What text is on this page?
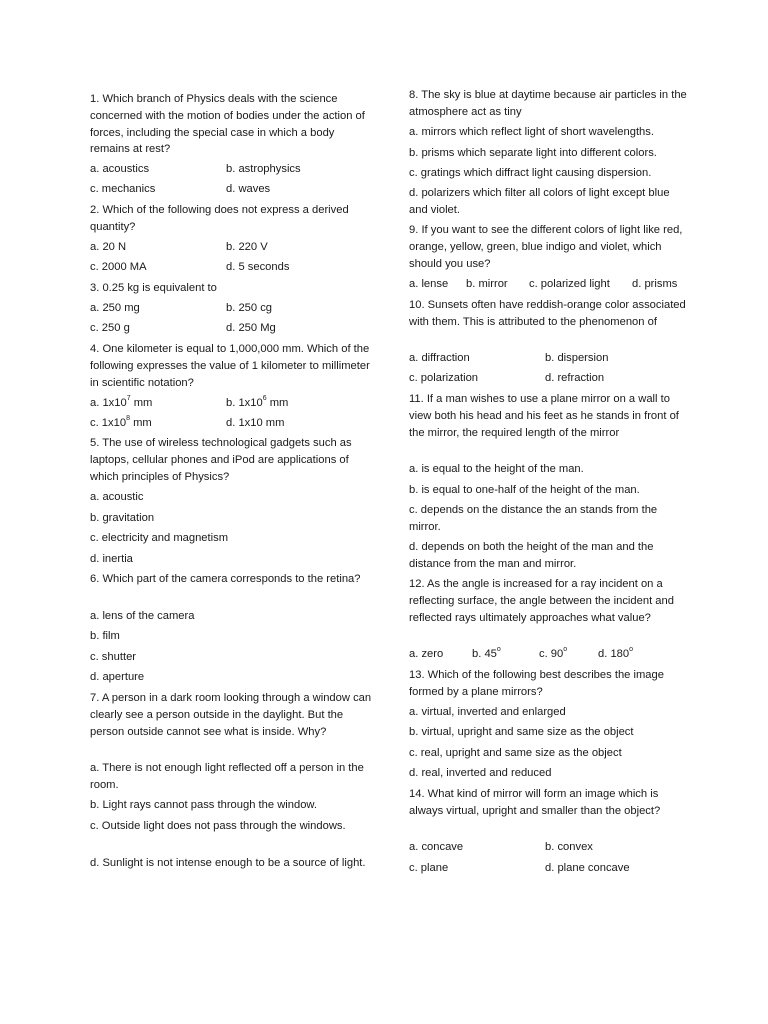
1. Which branch of Physics deals with the science concerned with the motion of bodies under the action of forces, including the special case in which a body remains at rest?

a. acoustics	b. astrophysics
c. mechanics	d. waves

2. Which of the following does not express a derived quantity?

a. 20 N	b. 220 V
c. 2000 MA	d. 5 seconds

3. 0.25 kg is equivalent to

a. 250 mg	b. 250 cg
c. 250 g	d. 250 Mg

4. One kilometer is equal to 1,000,000 mm. Which of the following expresses the value of 1 kilometer to millimeter in scientific notation?

a. $1x10^7$ mm	b. $1x10^6$ mm
c. $1x10^8$ mm	d. 1x10 mm

5. The use of wireless technological gadgets such as laptops, cellular phones and iPod are applications of which principles of Physics?

a. acoustic

b. gravitation

c. electricity and magnetism

d. inertia

6. Which part of the camera corresponds to the retina?

a. lens of the camera

b. film

c. shutter

d. aperture

7. A person in a dark room looking through a window can clearly see a person outside in the daylight. But the person outside cannot see what is inside. Why?

a. There is not enough light reflected off a person in the room.

b. Light rays cannot pass through the window.

c. Outside light does not pass through the windows.

d. Sunlight is not intense enough to be a source of light.

8. The sky is blue at daytime because air particles in the atmosphere act as tiny

a. mirrors which reflect light of short wavelengths.

b. prisms which separate light into different colors.

c. gratings which diffract light causing dispersion.

d. polarizers which filter all colors of light except blue and violet.

9. If you want to see the different colors of light like red, orange, yellow, green, blue indigo and violet, which should you use?

a. lense	b. mirror	c. polarized light	d. prisms

10. Sunsets often have reddish-orange color associated with them. This is attributed to the phenomenon of

a. diffraction	b. dispersion
c. polarization	d. refraction

11. If a man wishes to use a plane mirror on a wall to view both his head and his feet as he stands in front of the mirror, the required length of the mirror

a. is equal to the height of the man.

b. is equal to one-half of the height of the man.

c. depends on the distance the an stands from the mirror.

d. depends on both the height of the man and the distance from the man and mirror.

12. As the angle is increased for a ray incident on a reflecting surface, the angle between the incident and reflected rays ultimately approaches what value?

a. zero	b. 45$^o$	c. 90$^o$	d. 180$^o$

13. Which of the following best describes the image formed by a plane mirrors?

a. virtual, inverted and enlarged

b. virtual, upright and same size as the object

c. real, upright and same size as the object

d. real, inverted and reduced

14. What kind of mirror will form an image which is always virtual, upright and smaller than the object?

a. concave	b. convex
c. plane	d. plane concave
